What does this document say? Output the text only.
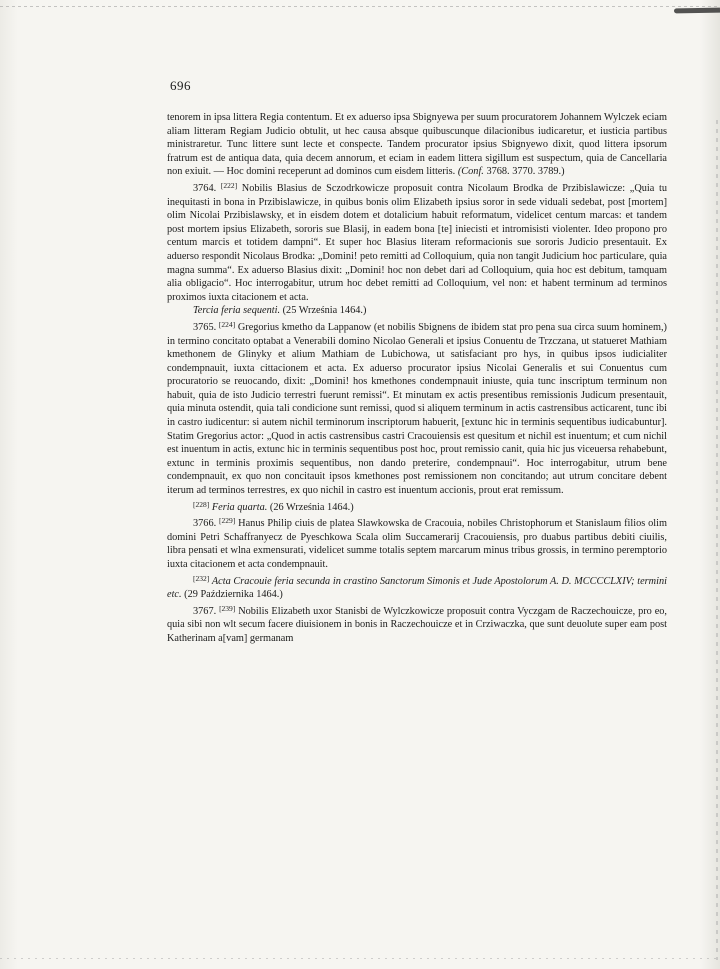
696

tenorem in ipsa littera Regia contentum. Et ex aduerso ipsa Sbignyewa per suum procuratorem Johannem Wylczek eciam aliam litteram Regiam Judicio obtulit, ut hec causa absque quibuscunque dilacionibus iudicaretur, et iusticia partibus ministraretur. Tunc littere sunt lecte et conspecte. Tandem procurator ipsius Sbignyewo dixit, quod littera ipsorum fratrum est de antiqua data, quia decem annorum, et eciam in eadem littera sigillum est suspectum, quia de Cancellaria non exiuit. — Hoc domini receperunt ad dominos cum eisdem litteris. (Conf. 3768. 3770. 3789.)

3764. [222] Nobilis Blasius de Sczodrkowicze proposuit contra Nicolaum Brodka de Przibislawicze: „Quia tu inequitasti in bona in Przibislawicze, in quibus bonis olim Elizabeth ipsius soror in sede viduali sedebat, post [mortem] olim Nicolai Przibislawsky, et in eisdem dotem et dotalicium habuit reformatum, videlicet centum marcas: et tandem post mortem ipsius Elizabeth, sororis sue Blasij, in eadem bona [te] iniecisti et intromisisti violenter. Ideo propono pro centum marcis et totidem dampni“. Et super hoc Blasius literam reformacionis sue sororis Judicio presentauit. Ex aduerso respondit Nicolaus Brodka: „Domini! peto remitti ad Colloquium, quia non tangit Judicium hoc particulare, quia magna summa“. Ex aduerso Blasius dixit: „Domini! hoc non debet dari ad Colloquium, quia hoc est debitum, tamquam alia obligacio“. Hoc interrogabitur, utrum hoc debet remitti ad Colloquium, vel non: et habent terminum ad terminos proximos iuxta citacionem et acta.

Tercia feria sequenti. (25 Września 1464.)

3765. [224] Gregorius kmetho da Lappanow (et nobilis Sbignens de ibidem stat pro pena sua circa suum hominem,) in termino concitato optabat a Venerabili domino Nicolao Generali et ipsius Conuentu de Trzczana, ut statueret Mathiam kmethonem de Glinyky et alium Mathiam de Lubichowa, ut satisfaciant pro hys, in quibus ipsos iudicialiter condempnauit, iuxta cittacionem et acta. Ex aduerso procurator ipsius Nicolai Generalis et sui Conuentus cum procuratorio se reuocando, dixit: „Domini! hos kmethones condempnauit iniuste, quia tunc inscriptum terminum non habuit, quia de isto Judicio terrestri fuerunt remissi“. Et minutam ex actis presentibus remissionis Judicum presentauit, quia minuta ostendit, quia tali condicione sunt remissi, quod si aliquem terminum in actis castrensibus acticarent, tunc ibi in castro iudicentur: si autem nichil terminorum inscriptorum habuerit, [extunc hic in terminis sequentibus iudicabuntur]. Statim Gregorius actor: „Quod in actis castrensibus castri Cracouiensis est quesitum et nichil est inuentum; et cum nichil est inuentum in actis, extunc hic in terminis sequentibus post hoc, prout remissio canit, quia hic jus viceuersa rehabebunt, extunc in terminis proximis sequentibus, non dando preterire, condempnaui“. Hoc interrogabitur, utrum bene condempnauit, ex quo non concitauit ipsos kmethones post remissionem non concitando; aut utrum concitare debent iterum ad terminos terrestres, ex quo nichil in castro est inuentum accionis, prout erat remissum.

[228] Feria quarta. (26 Września 1464.)

3766. [229] Hanus Philip ciuis de platea Slawkowska de Cracouia, nobiles Christophorum et Stanislaum filios olim domini Petri Schaffranyecz de Pyeschkowa Scala olim Succamerarij Cracouiensis, pro duabus partibus debiti ciuilis, libra pensati et wlna exmensurati, videlicet summe totalis septem marcarum minus tribus grossis, in termino peremptorio iuxta citacionem et acta condempnauit.

[232] Acta Cracouie feria secunda in crastino Sanctorum Simonis et Jude Apostolorum A. D. MCCCCLXIV; termini etc. (29 Października 1464.)

3767. [239] Nobilis Elizabeth uxor Stanisbi de Wylczkowicze proposuit contra Vyczgam de Raczechouicze, pro eo, quia sibi non wlt secum facere diuisionem in bonis in Raczechouicze et in Crziwaczka, que sunt deuolute super eam post Katherinam a[vam] germanam
